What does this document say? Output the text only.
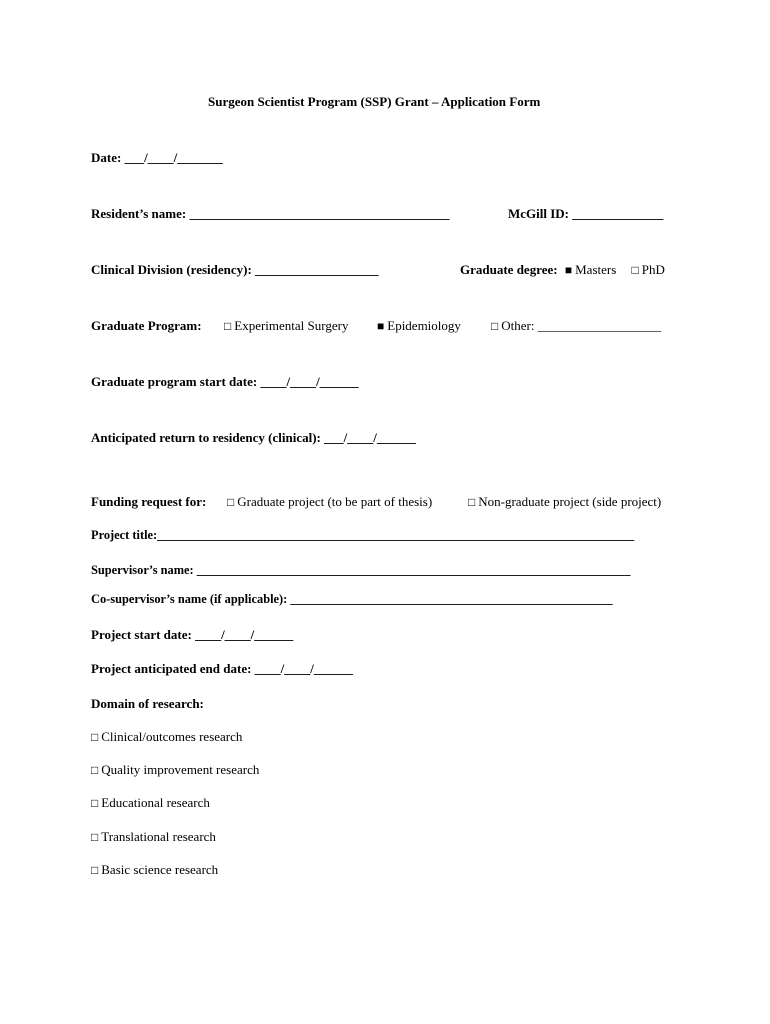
Surgeon Scientist Program (SSP) Grant – Application Form
Date: ___/____/_______
Resident’s name: ________________________________________	McGill ID: ______________
Clinical Division (residency): ___________________	Graduate degree: ■ Masters □ PhD
Graduate Program: □ Experimental Surgery ■ Epidemiology	□ Other: ___________________
Graduate program start date: ____/____/______
Anticipated return to residency (clinical): ___/____/______
Funding request for: □ Graduate project (to be part of thesis)	□ Non-graduate project (side project)
Project title:_____________________________________________________________________________
Supervisor’s name: ______________________________________________________________________
Co-supervisor’s name (if applicable): ____________________________________________________
Project start date: ____/____/______
Project anticipated end date: ____/____/______
Domain of research:
□ Clinical/outcomes research
□ Quality improvement research
□ Educational research
□ Translational research
□ Basic science research
